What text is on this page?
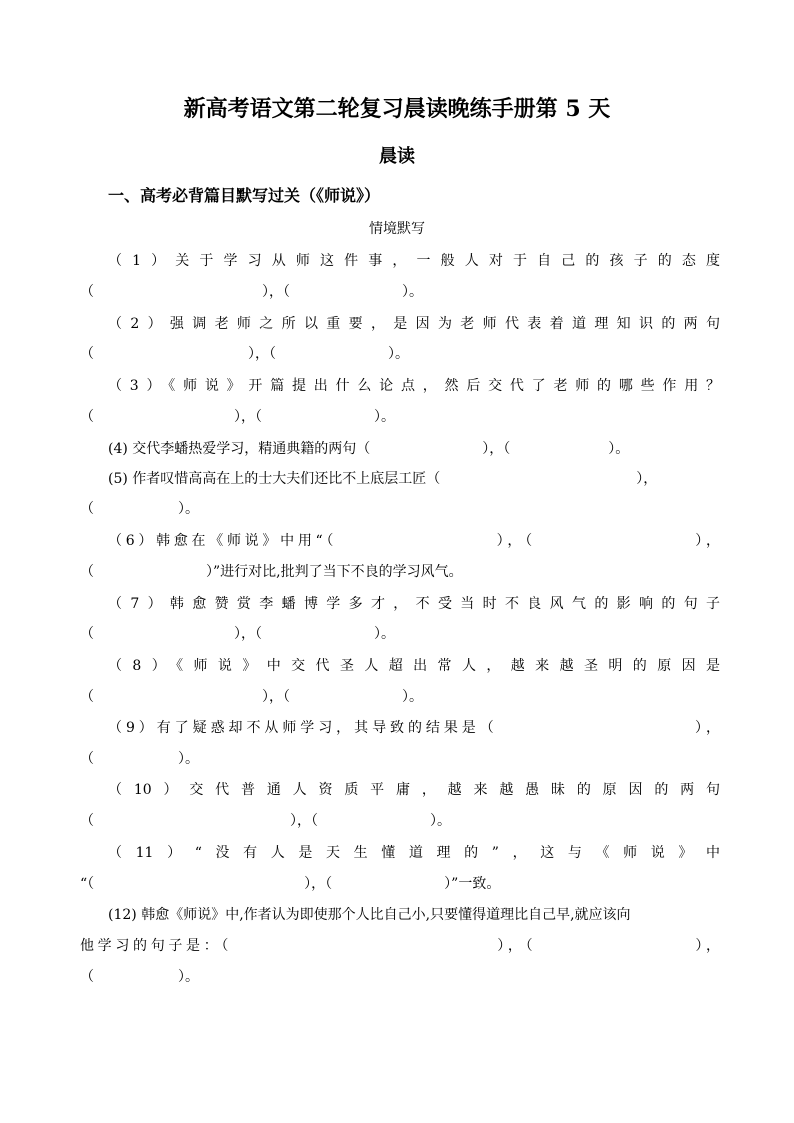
新高考语文第二轮复习晨读晚练手册第 5 天
晨读
一、高考必背篇目默写过关（《师说》）
情境默写
（1）关于学习从师这件事，一般人对于自己的孩子的态度
（　　　　　　　　　　　　），（　　　　　　　　）。
（2）强调老师之所以重要，是因为老师代表着道理知识的两句
（　　　　　　　　　　　），（　　　　　　　　）。
（3）《师说》开篇提出什么论点，然后交代了老师的哪些作用？
（　　　　　　　　　　），（　　　　　　　　）。
(4) 交代李蟠热爱学习，精通典籍的两句（　　　　　　　　），（　　　　　　　）。
(5) 作者叹惜高高在上的士大夫们还比不上底层工匠（　　　　　　　　　　　　　　），
（　　　　　　）。
（6）韩愈在《师说》中用“（　　　　　　　　　），（　　　　　　　　　），
（　　　　　　　　）”进行对比,批判了当下不良的学习风气。
（7）韩愈赞赏李蟠博学多才，不受当时不良风气的影响的句子
（　　　　　　　　　　），（　　　　　　　　）。
（8）《师说》中交代圣人超出常人，越来越圣明的原因是
（　　　　　　　　　　　　），（　　　　　　　　）。
（9）有了疑惑却不从师学习，其导致的结果是（　　　　　　　　　　　），
（　　　　　　）。
（10）交代普通人资质平庸，越来越愚昧的原因的两句
（　　　　　　　　　　　　　　），（　　　　　　　　）。
（11）“没有人是天生懂道理的”，这与《师说》中
“（　　　　　　　　　　　　　　　），（　　　　　　　　）”一致。
(12) 韩愈《师说》中,作者认为即使那个人比自己小,只要懂得道理比自己早,就应该向
他学习的句子是：（　　　　　　　　　　　　　　　），（　　　　　　　　　），
（　　　　　　）。
